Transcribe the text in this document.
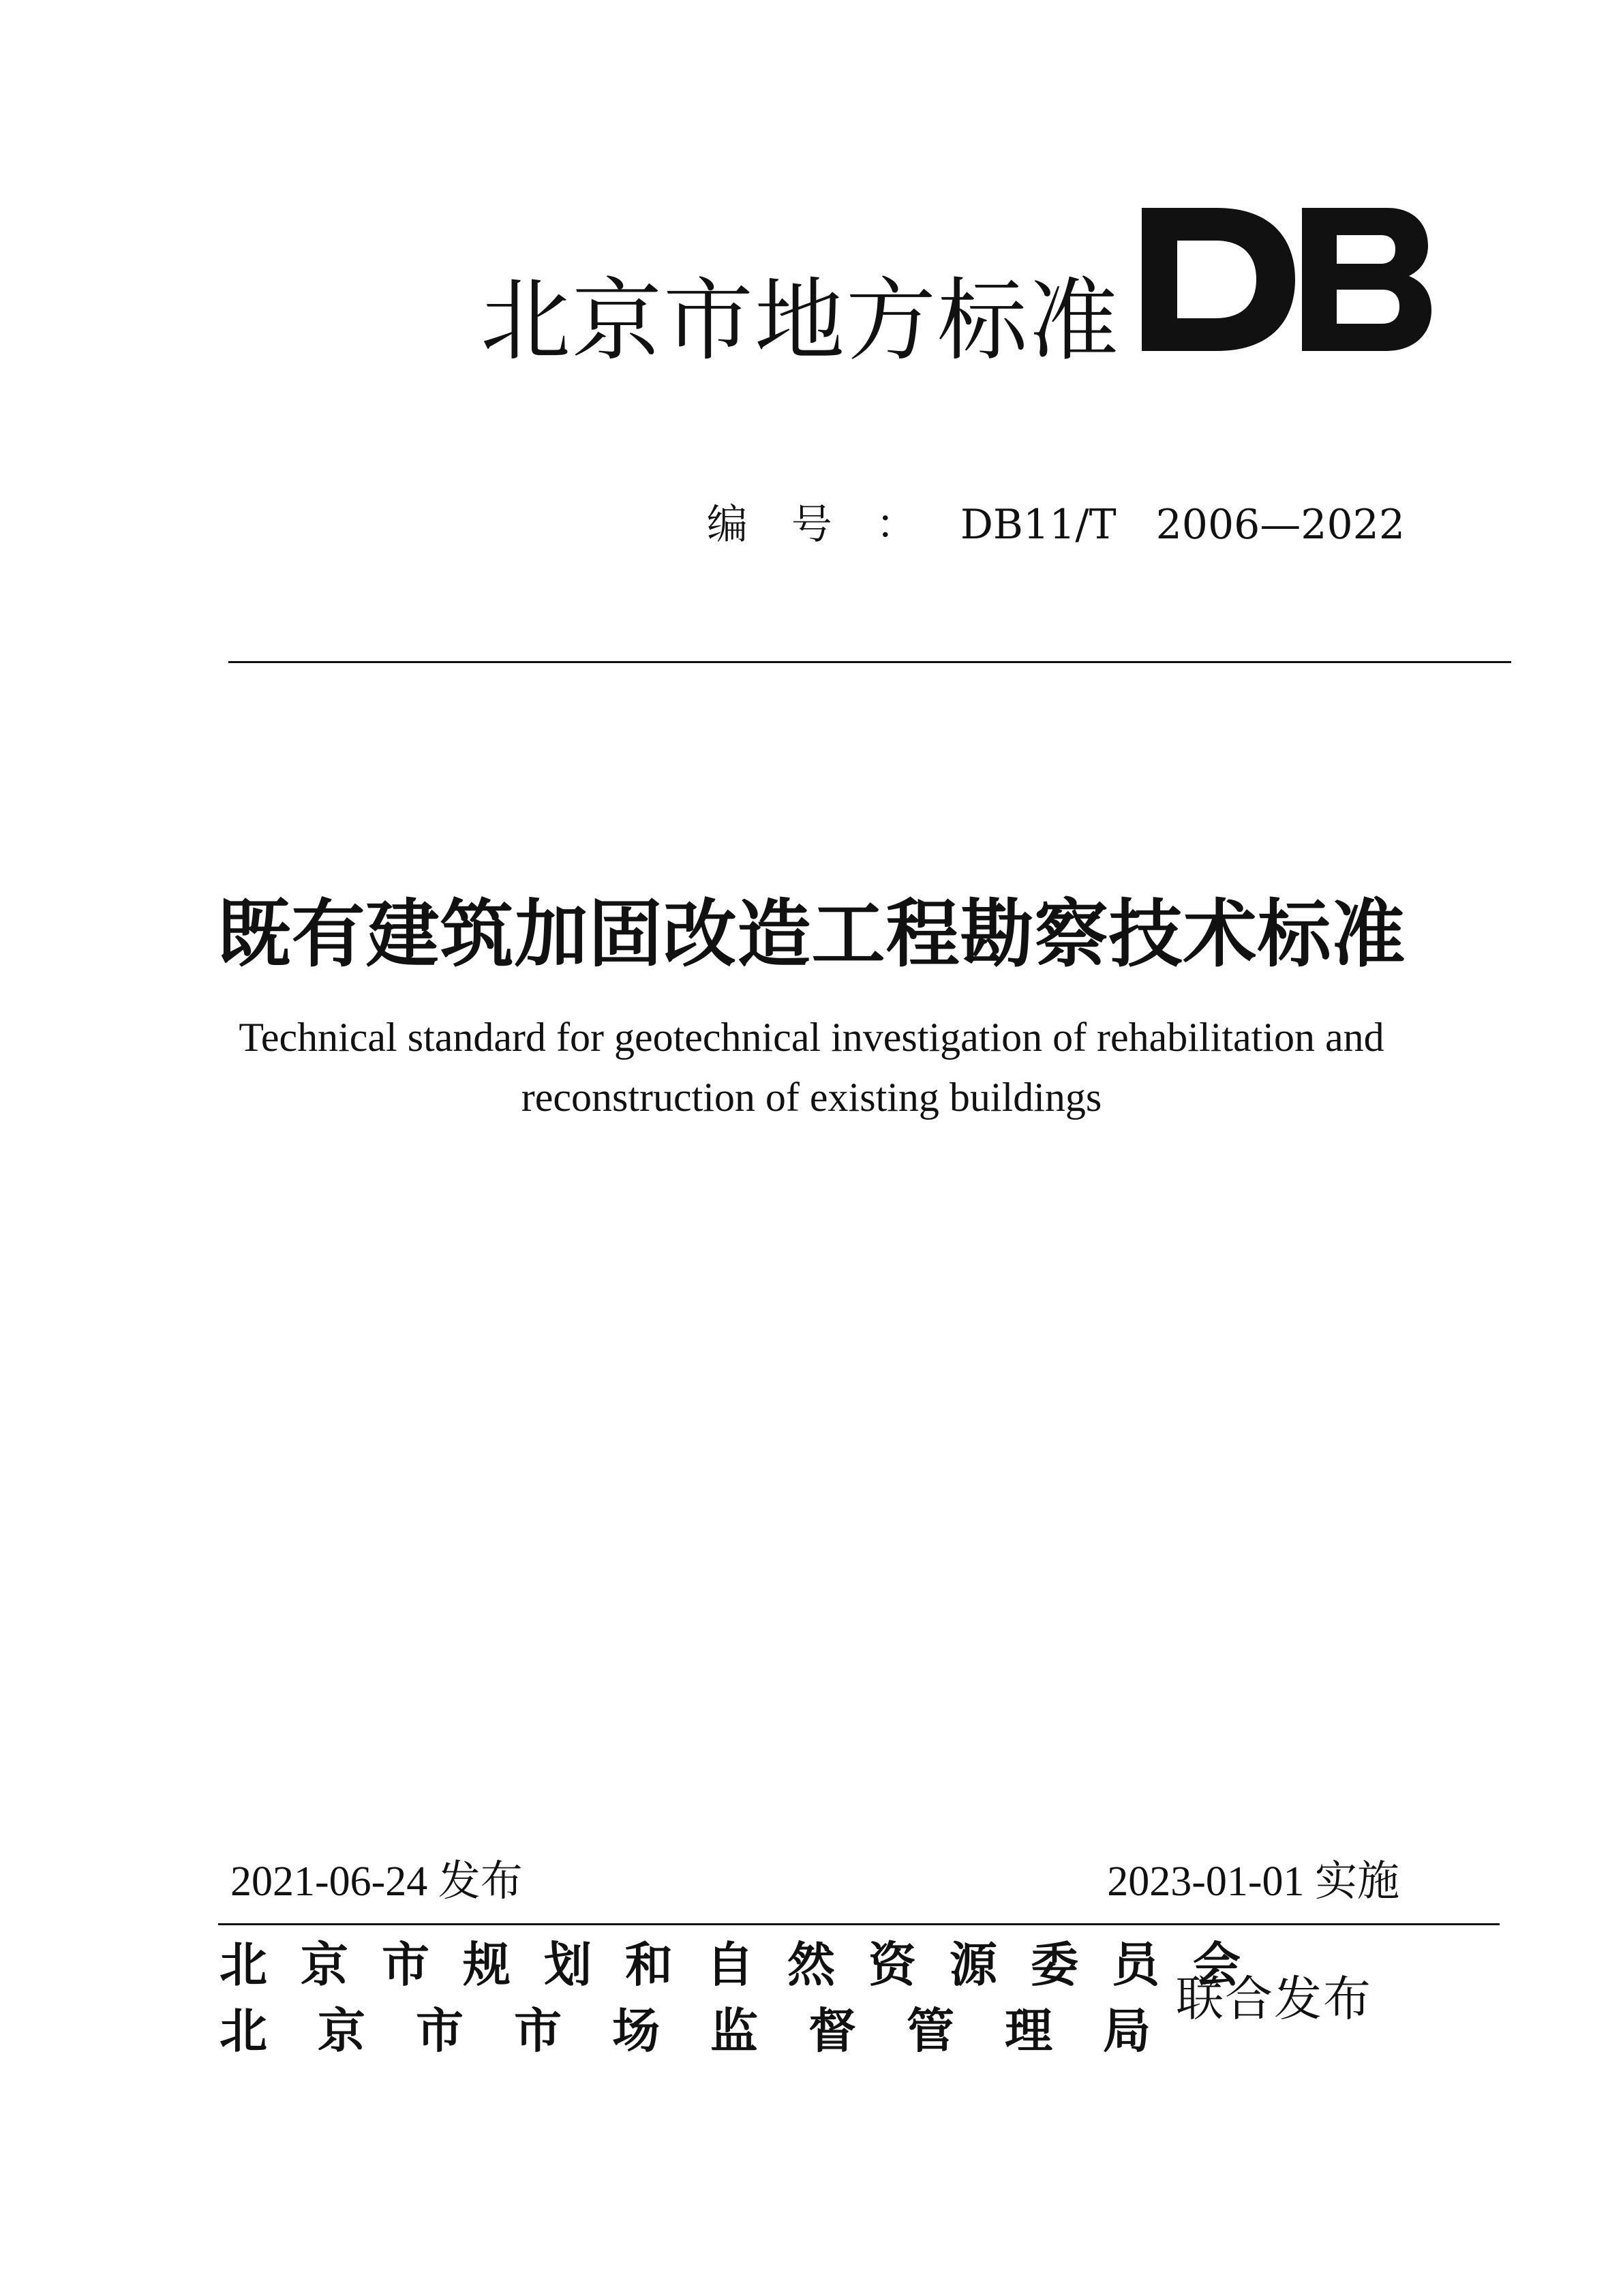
北京市地方标准
编号：DB11/T 2006—2022
既有建筑加固改造工程勘察技术标准
Technical standard for geotechnical investigation of rehabilitation and
reconstruction of existing buildings
2021-06-24 发布	2023-01-01 实施
北京市规划和自然资源委员会
北京市市场监督管理局
联合发布
